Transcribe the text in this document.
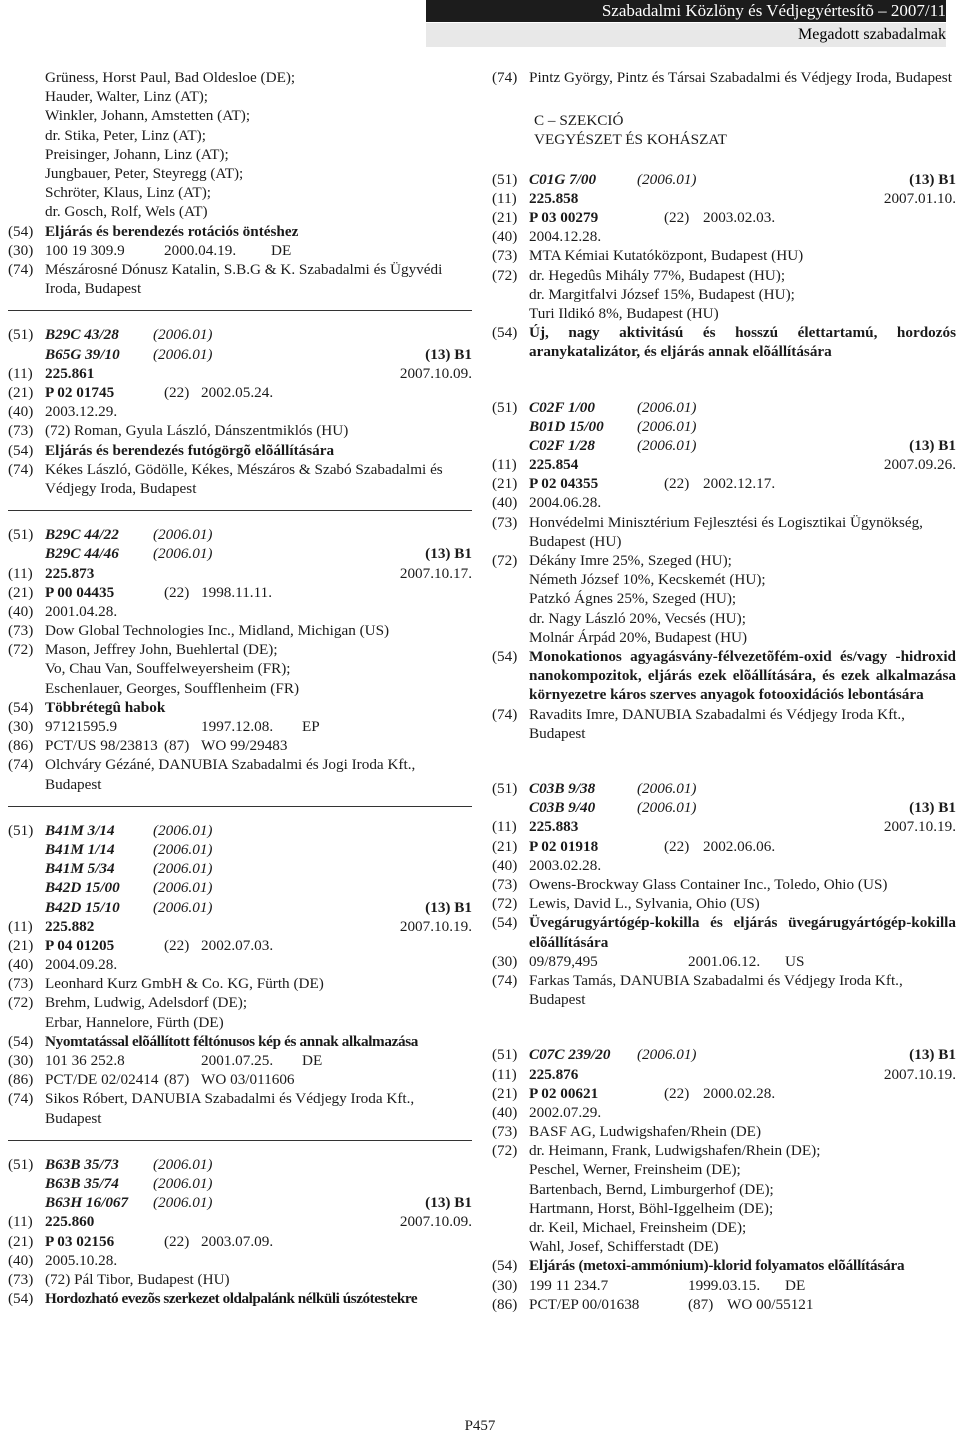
Szabadalmi Közlöny és Védjegyértesítõ – 2007/11
Megadott szabadalmak
Grüness, Horst Paul, Bad Oldesloe (DE);
Hauder, Walter, Linz (AT);
Winkler, Johann, Amstetten (AT);
dr. Stika, Peter, Linz (AT);
Preisinger, Johann, Linz (AT);
Jungbauer, Peter, Steyregg (AT);
Schröter, Klaus, Linz (AT);
dr. Gosch, Rolf, Wels (AT)
(54) Eljárás és berendezés rotációs öntéshez
(30) 100 19 309.9	2000.04.19. DE
(74) Mészárosné Dónusz Katalin, S.B.G & K. Szabadalmi és Ügyvédi Iroda, Budapest
(51) B29C 43/28 (2006.01)
B65G 39/10 (2006.01)	(13) B1
(11) 225.861	2007.10.09.
(21) P 02 01745	(22) 2002.05.24.
(40) 2003.12.29.
(73) (72) Roman, Gyula László, Dánszentmiklós (HU)
(54) Eljárás és berendezés futógörgõ elõállítására
(74) Kékes László, Gödölle, Kékes, Mészáros & Szabó Szabadalmi és Védjegy Iroda, Budapest
(51) B29C 44/22 (2006.01)
B29C 44/46 (2006.01)	(13) B1
(11) 225.873	2007.10.17.
(21) P 00 04435	(22) 1998.11.11.
(40) 2001.04.28.
(73) Dow Global Technologies Inc., Midland, Michigan (US)
(72) Mason, Jeffrey John, Buehlertal (DE);
Vo, Chau Van, Souffelweyersheim (FR);
Eschenlauer, Georges, Soufflenheim (FR)
(54) Többrétegû habok
(30) 97121595.9	1997.12.08. EP
(86) PCT/US 98/23813 (87) WO 99/29483
(74) Olchváry Gézáné, DANUBIA Szabadalmi és Jogi Iroda Kft., Budapest
(51) B41M 3/14	(2006.01)
B41M 1/14	(2006.01)
B41M 5/34	(2006.01)
B42D 15/00 (2006.01)
B42D 15/10 (2006.01)	(13) B1
(11) 225.882	2007.10.19.
(21) P 04 01205	(22) 2002.07.03.
(40) 2004.09.28.
(73) Leonhard Kurz GmbH & Co. KG, Fürth (DE)
(72) Brehm, Ludwig, Adelsdorf (DE);
Erbar, Hannelore, Fürth (DE)
(54) Nyomtatással elõállított féltónusos kép és annak alkalmazása
(30) 101 36 252.8	2001.07.25. DE
(86) PCT/DE 02/02414 (87) WO 03/011606
(74) Sikos Róbert, DANUBIA Szabadalmi és Védjegy Iroda Kft., Budapest
(51) B63B 35/73 (2006.01)
B63B 35/74 (2006.01)
B63H 16/067 (2006.01)	(13) B1
(11) 225.860	2007.10.09.
(21) P 03 02156	(22) 2003.07.09.
(40) 2005.10.28.
(73) (72) Pál Tibor, Budapest (HU)
(54) Hordozható evezõs szerkezet oldalpalánk nélküli úszótestekre
(74) Pintz György, Pintz és Társai Szabadalmi és Védjegy Iroda, Budapest
C – SZEKCIÓ
VEGYÉSZET ÉS KOHÁSZAT
(51) C01G 7/00	(2006.01)	(13) B1
(11) 225.858	2007.01.10.
(21) P 03 00279	(22) 2003.02.03.
(40) 2004.12.28.
(73) MTA Kémiai Kutatóközpont, Budapest (HU)
(72) dr. Hegedûs Mihály 77%, Budapest (HU);
dr. Margitfalvi József 15%, Budapest (HU);
Turi Ildikó 8%, Budapest (HU)
(54) Új, nagy aktivitású és hosszú élettartamú, hordozós aranykatalizátor, és eljárás annak elõállítására
(51) C02F 1/00	(2006.01)
B01D 15/00 (2006.01)
C02F 1/28	(2006.01)	(13) B1
(11) 225.854	2007.09.26.
(21) P 02 04355	(22) 2002.12.17.
(40) 2004.06.28.
(73) Honvédelmi Minisztérium Fejlesztési és Logisztikai Ügynökség, Budapest (HU)
(72) Dékány Imre 25%, Szeged (HU);
Németh József 10%, Kecskemét (HU);
Patzkó Ágnes 25%, Szeged (HU);
dr. Nagy László 20%, Vecsés (HU);
Molnár Árpád 20%, Budapest (HU)
(54) Monokationos agyagásvány-félvezetõfém-oxid és/vagy -hidroxid nanokompozitok, eljárás ezek elõállítására, és ezek alkalmazása környezetre káros szerves anyagok fotooxidációs lebontására
(74) Ravadits Imre, DANUBIA Szabadalmi és Védjegy Iroda Kft., Budapest
(51) C03B 9/38	(2006.01)
C03B 9/40	(2006.01)	(13) B1
(11) 225.883	2007.10.19.
(21) P 02 01918	(22) 2002.06.06.
(40) 2003.02.28.
(73) Owens-Brockway Glass Container Inc., Toledo, Ohio (US)
(72) Lewis, David L., Sylvania, Ohio (US)
(54) Üvegárugyártógép-kokilla és eljárás üvegárugyártógép-kokilla elõállítására
(30) 09/879,495	2001.06.12. US
(74) Farkas Tamás, DANUBIA Szabadalmi és Védjegy Iroda Kft., Budapest
(51) C07C 239/20 (2006.01)	(13) B1
(11) 225.876	2007.10.19.
(21) P 02 00621	(22) 2000.02.28.
(40) 2002.07.29.
(73) BASF AG, Ludwigshafen/Rhein (DE)
(72) dr. Heimann, Frank, Ludwigshafen/Rhein (DE);
Peschel, Werner, Freinsheim (DE);
Bartenbach, Bernd, Limburgerhof (DE);
Hartmann, Horst, Böhl-Iggelheim (DE);
dr. Keil, Michael, Freinsheim (DE);
Wahl, Josef, Schifferstadt (DE)
(54) Eljárás (metoxi-ammónium)-klorid folyamatos elõállítására
(30) 199 11 234.7	1999.03.15. DE
(86) PCT/EP 00/01638	(87) WO 00/55121
P457
